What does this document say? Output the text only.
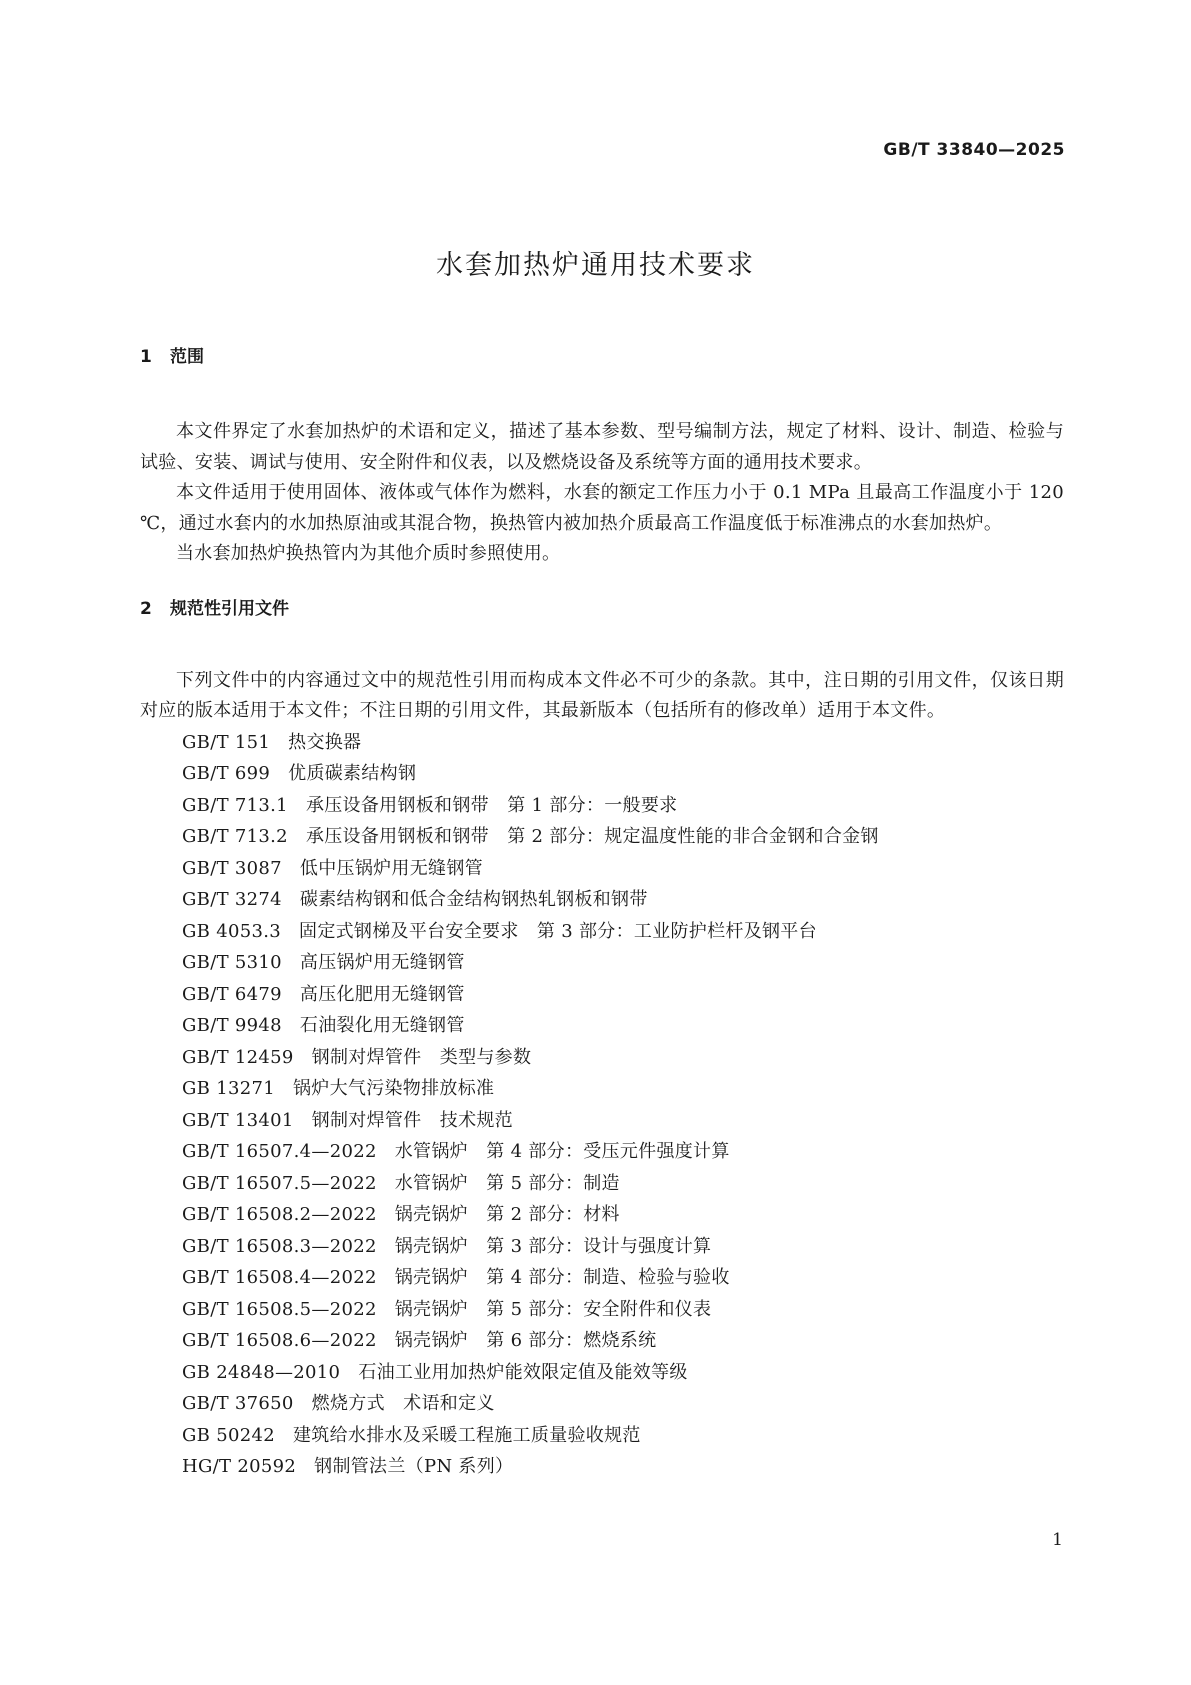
GB/T 33840—2025
水套加热炉通用技术要求
1 范围

本文件界定了水套加热炉的术语和定义，描述了基本参数、型号编制方法，规定了材料、设计、制造、检验与试验、安装、调试与使用、安全附件和仪表，以及燃烧设备及系统等方面的通用技术要求。

本文件适用于使用固体、液体或气体作为燃料，水套的额定工作压力小于 0.1 MPa 且最高工作温度小于 120 ℃，通过水套内的水加热原油或其混合物，换热管内被加热介质最高工作温度低于标准沸点的水套加热炉。

当水套加热炉换热管内为其他介质时参照使用。

2 规范性引用文件

下列文件中的内容通过文中的规范性引用而构成本文件必不可少的条款。其中，注日期的引用文件，仅该日期对应的版本适用于本文件；不注日期的引用文件，其最新版本（包括所有的修改单）适用于本文件。

GB/T 151 热交换器
GB/T 699 优质碳素结构钢
GB/T 713.1 承压设备用钢板和钢带　第 1 部分：一般要求
GB/T 713.2 承压设备用钢板和钢带　第 2 部分：规定温度性能的非合金钢和合金钢
GB/T 3087 低中压锅炉用无缝钢管
GB/T 3274 碳素结构钢和低合金结构钢热轧钢板和钢带
GB 4053.3 固定式钢梯及平台安全要求　第 3 部分：工业防护栏杆及钢平台
GB/T 5310 高压锅炉用无缝钢管
GB/T 6479 高压化肥用无缝钢管
GB/T 9948 石油裂化用无缝钢管
GB/T 12459 钢制对焊管件　类型与参数
GB 13271 锅炉大气污染物排放标准
GB/T 13401 钢制对焊管件　技术规范
GB/T 16507.4—2022 水管锅炉　第 4 部分：受压元件强度计算
GB/T 16507.5—2022 水管锅炉　第 5 部分：制造
GB/T 16508.2—2022 锅壳锅炉　第 2 部分：材料
GB/T 16508.3—2022 锅壳锅炉　第 3 部分：设计与强度计算
GB/T 16508.4—2022 锅壳锅炉　第 4 部分：制造、检验与验收
GB/T 16508.5—2022 锅壳锅炉　第 5 部分：安全附件和仪表
GB/T 16508.6—2022 锅壳锅炉　第 6 部分：燃烧系统
GB 24848—2010 石油工业用加热炉能效限定值及能效等级
GB/T 37650 燃烧方式　术语和定义
GB 50242 建筑给水排水及采暖工程施工质量验收规范
HG/T 20592 钢制管法兰（PN 系列）
1
